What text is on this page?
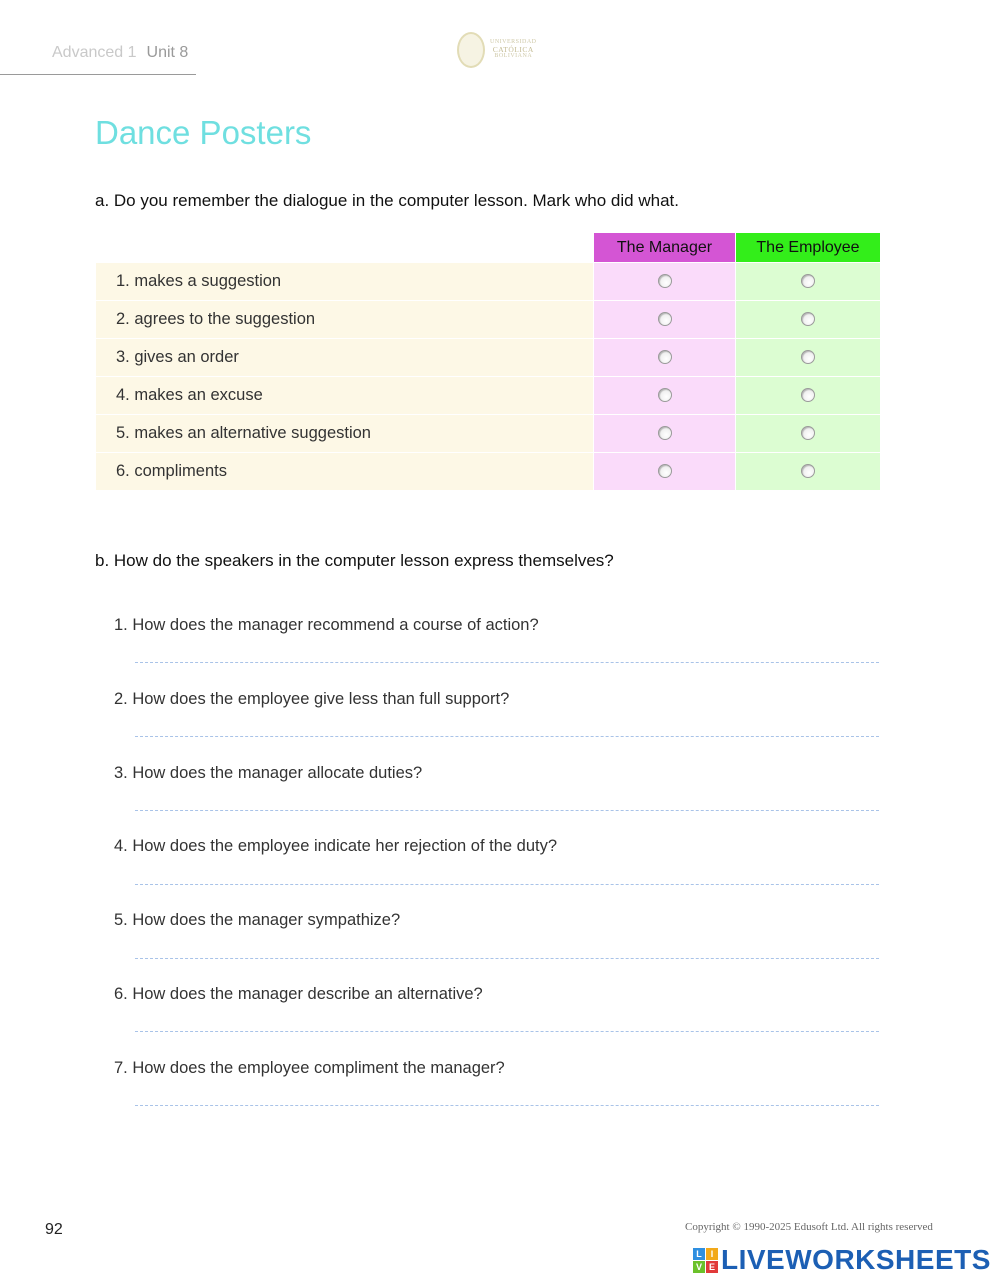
Advanced 1 Unit 8
UNIVERSIDAD
CATÓLICA
BOLIVIANA
Dance Posters
a. Do you remember the dialogue in the computer lesson. Mark who did what.
The Manager	The Employee
1. makes a suggestion
2. agrees to the suggestion
3. gives an order
4. makes an excuse
5. makes an alternative suggestion
6. compliments
b. How do the speakers in the computer lesson express themselves?
1. How does the manager recommend a course of action?
2. How does the employee give less than full support?
3. How does the manager allocate duties?
4. How does the employee indicate her rejection of the duty?
5. How does the manager sympathize?
6. How does the manager describe an alternative?
7. How does the employee compliment the manager?
92	Copyright © 1990-2025 Edusoft Ltd. All rights reserved
L I
V E LIVEWORKSHEETS
